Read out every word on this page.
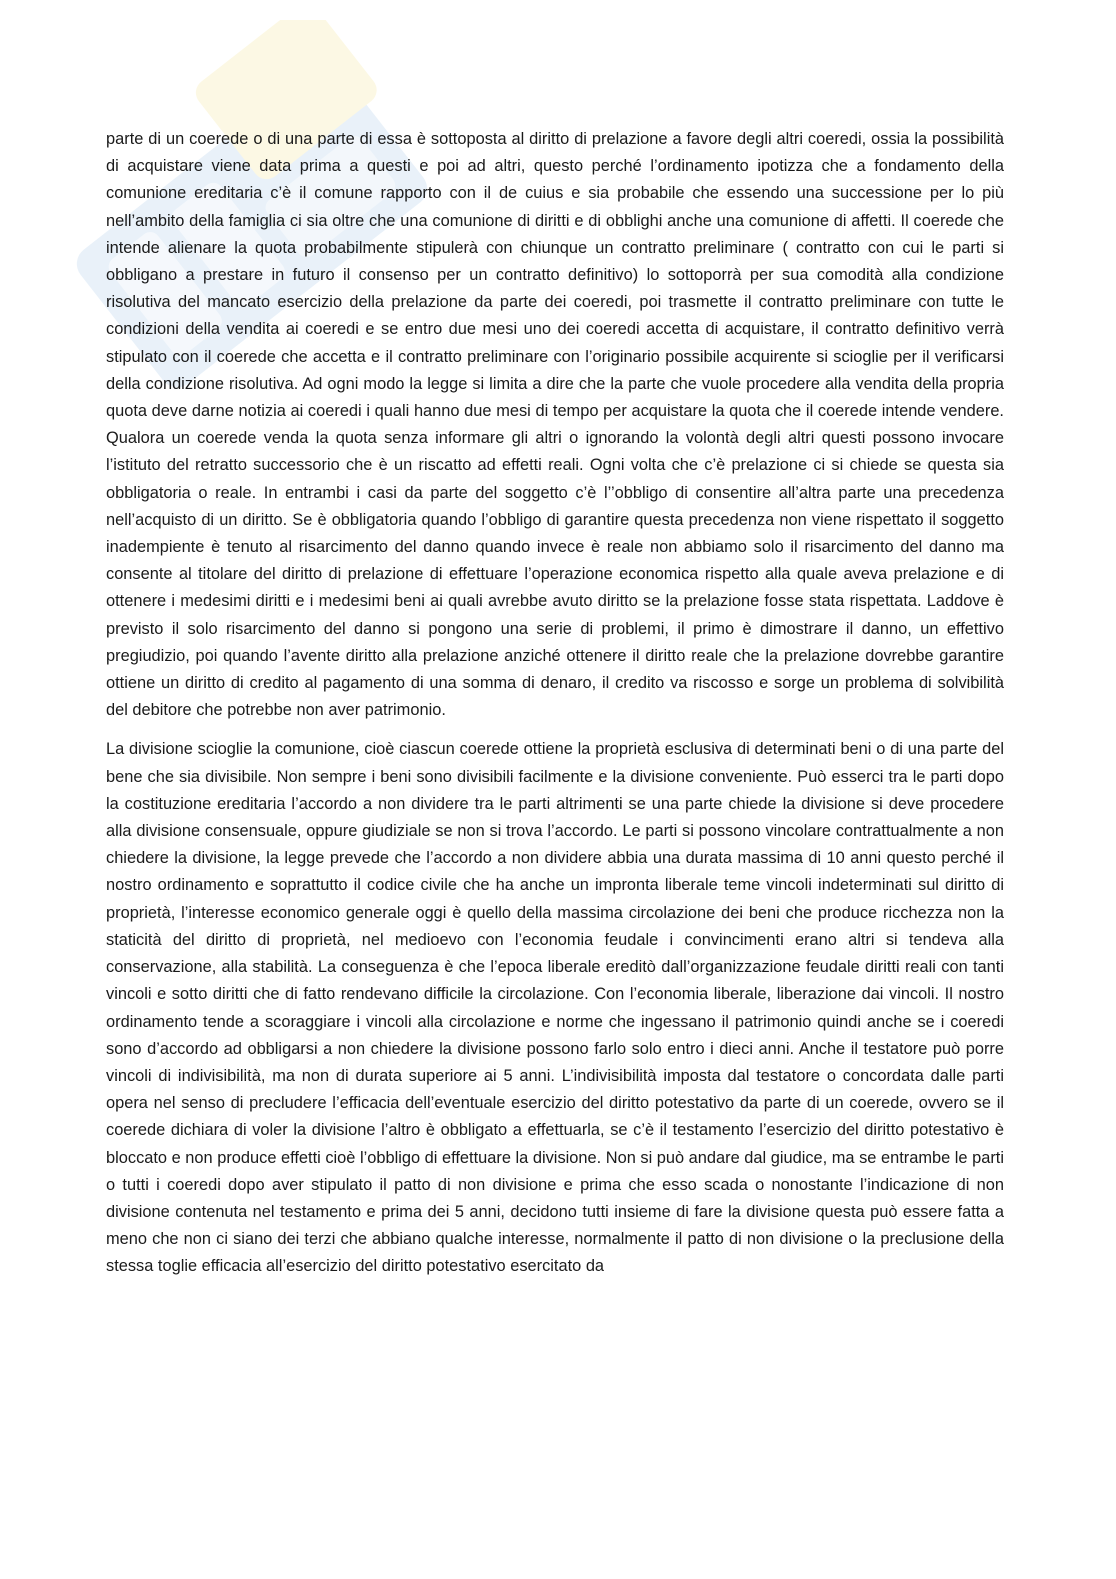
parte di un coerede o di una parte di essa è sottoposta al diritto di prelazione a favore degli altri coeredi, ossia la possibilità di acquistare viene data prima a questi e poi ad altri, questo perché l’ordinamento ipotizza che a fondamento della comunione ereditaria c’è il comune rapporto con il de cuius e sia probabile che essendo una successione per lo più nell’ambito della famiglia ci sia oltre che una comunione di diritti e di obblighi anche una comunione di affetti. Il coerede che intende alienare la quota probabilmente stipulerà con chiunque un contratto preliminare ( contratto con cui le parti si obbligano a prestare in futuro il consenso per un contratto definitivo) lo sottoporrà per sua comodità alla condizione risolutiva del mancato esercizio della prelazione da parte dei coeredi, poi trasmette il contratto preliminare con tutte le condizioni della vendita ai coeredi e se entro due mesi uno dei coeredi accetta di acquistare, il contratto definitivo verrà stipulato con il coerede che accetta e il contratto preliminare con l’originario possibile acquirente si scioglie per il verificarsi della condizione risolutiva. Ad ogni modo la legge si limita a dire che la parte che vuole procedere alla vendita della propria quota deve darne notizia ai coeredi i quali hanno due mesi di tempo per acquistare la quota che il coerede intende vendere. Qualora un coerede venda la quota senza informare gli altri o ignorando la volontà degli altri questi possono invocare l’istituto del retratto successorio che è un riscatto ad effetti reali. Ogni volta che c’è prelazione ci si chiede se questa sia obbligatoria o reale. In entrambi i casi da parte del soggetto c’è l’’obbligo di consentire all’altra parte una precedenza nell’acquisto di un diritto. Se è obbligatoria quando l’obbligo di garantire questa precedenza non viene rispettato il soggetto inadempiente è tenuto al risarcimento del danno quando invece è reale non abbiamo solo il risarcimento del danno ma consente al titolare del diritto di prelazione di effettuare l’operazione economica rispetto alla quale aveva prelazione e di ottenere i medesimi diritti e i medesimi beni ai quali avrebbe avuto diritto se la prelazione fosse stata rispettata. Laddove è previsto il solo risarcimento del danno si pongono una serie di problemi, il primo è dimostrare il danno, un effettivo pregiudizio, poi quando l’avente diritto alla prelazione anziché ottenere il diritto reale che la prelazione dovrebbe garantire ottiene un diritto di credito al pagamento di una somma di denaro, il credito va riscosso e sorge un problema di solvibilità del debitore che potrebbe non aver patrimonio.

La divisione scioglie la comunione, cioè ciascun coerede ottiene la proprietà esclusiva di determinati beni o di una parte del bene che sia divisibile. Non sempre i beni sono divisibili facilmente e la divisione conveniente. Può esserci tra le parti dopo la costituzione ereditaria l’accordo a non dividere tra le parti altrimenti se una parte chiede la divisione si deve procedere alla divisione consensuale, oppure giudiziale se non si trova l’accordo. Le parti si possono vincolare contrattualmente a non chiedere la divisione, la legge prevede che l’accordo a non dividere abbia una durata massima di 10 anni questo perché il nostro ordinamento e soprattutto il codice civile che ha anche un impronta liberale teme vincoli indeterminati sul diritto di proprietà, l’interesse economico generale oggi è quello della massima circolazione dei beni che produce ricchezza non la staticità del diritto di proprietà, nel medioevo con l’economia feudale i convincimenti erano altri si tendeva alla conservazione, alla stabilità. La conseguenza è che l’epoca liberale ereditò dall’organizzazione feudale diritti reali con tanti vincoli e sotto diritti che di fatto rendevano difficile la circolazione. Con l’economia liberale, liberazione dai vincoli. Il nostro ordinamento tende a scoraggiare i vincoli alla circolazione e norme che ingessano il patrimonio quindi anche se i coeredi sono d’accordo ad obbligarsi a non chiedere la divisione possono farlo solo entro i dieci anni. Anche il testatore può porre vincoli di indivisibilità, ma non di durata superiore ai 5 anni. L’indivisibilità imposta dal testatore o concordata dalle parti opera nel senso di precludere l’efficacia dell’eventuale esercizio del diritto potestativo da parte di un coerede, ovvero se il coerede dichiara di voler la divisione l’altro è obbligato a effettuarla, se c’è il testamento l’esercizio del diritto potestativo è bloccato e non produce effetti cioè l’obbligo di effettuare la divisione. Non si può andare dal giudice, ma se entrambe le parti o tutti i coeredi dopo aver stipulato il patto di non divisione e prima che esso scada o nonostante l’indicazione di non divisione contenuta nel testamento e prima dei 5 anni, decidono tutti insieme di fare la divisione questa può essere fatta a meno che non ci siano dei terzi che abbiano qualche interesse, normalmente il patto di non divisione o la preclusione della stessa toglie efficacia all’esercizio del diritto potestativo esercitato da
